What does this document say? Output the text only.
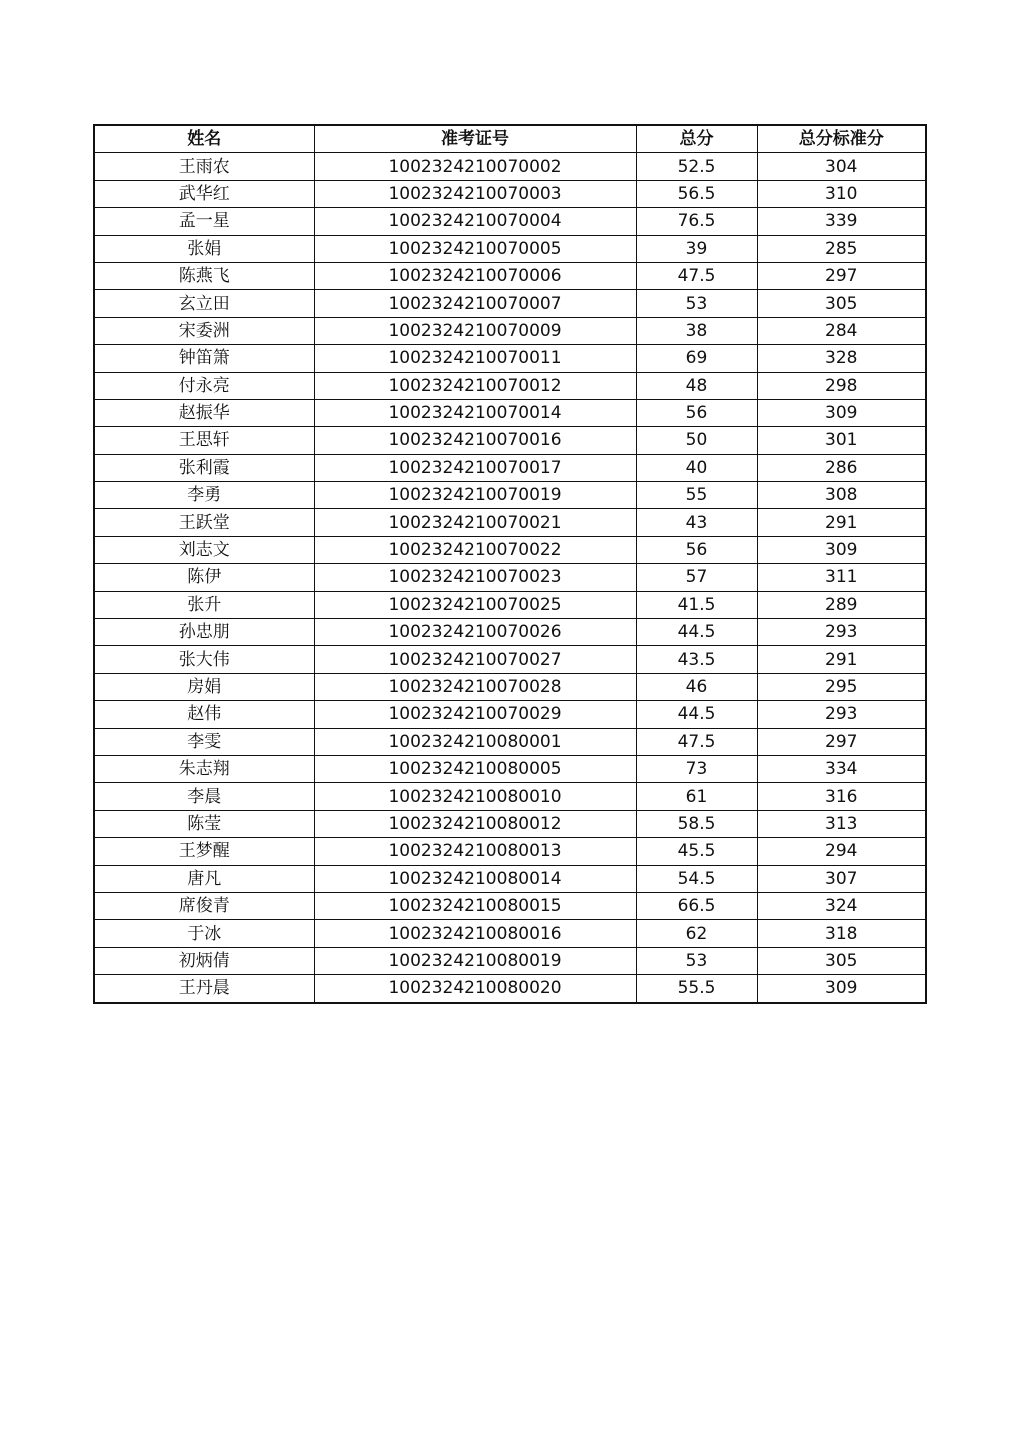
姓名	准考证号	总分	总分标准分
王雨农	1002324210070002	52.5	304
武华红	1002324210070003	56.5	310
孟一星	1002324210070004	76.5	339
张娟	1002324210070005	39	285
陈燕飞	1002324210070006	47.5	297
玄立田	1002324210070007	53	305
宋委洲	1002324210070009	38	284
钟笛箫	1002324210070011	69	328
付永亮	1002324210070012	48	298
赵振华	1002324210070014	56	309
王思轩	1002324210070016	50	301
张利霞	1002324210070017	40	286
李勇	1002324210070019	55	308
王跃堂	1002324210070021	43	291
刘志文	1002324210070022	56	309
陈伊	1002324210070023	57	311
张升	1002324210070025	41.5	289
孙忠朋	1002324210070026	44.5	293
张大伟	1002324210070027	43.5	291
房娟	1002324210070028	46	295
赵伟	1002324210070029	44.5	293
李雯	1002324210080001	47.5	297
朱志翔	1002324210080005	73	334
李晨	1002324210080010	61	316
陈莹	1002324210080012	58.5	313
王梦醒	1002324210080013	45.5	294
唐凡	1002324210080014	54.5	307
席俊青	1002324210080015	66.5	324
于冰	1002324210080016	62	318
初炳倩	1002324210080019	53	305
王丹晨	1002324210080020	55.5	309
